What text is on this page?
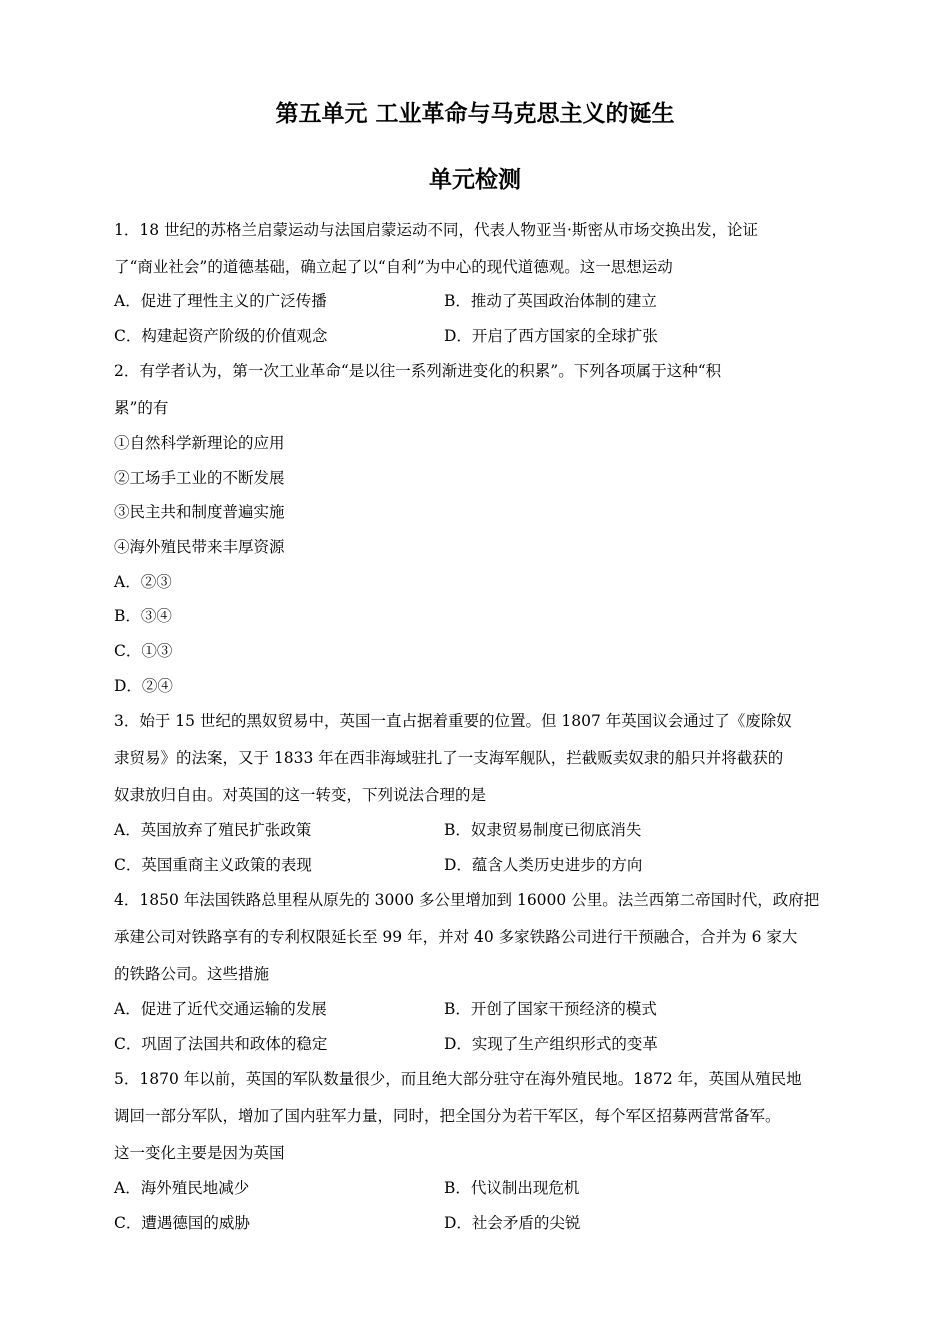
第五单元 工业革命与马克思主义的诞生
单元检测
1．18 世纪的苏格兰启蒙运动与法国启蒙运动不同，代表人物亚当·斯密从市场交换出发，论证
了“商业社会”的道德基础，确立起了以“自利”为中心的现代道德观。这一思想运动
A．促进了理性主义的广泛传播	B．推动了英国政治体制的建立
C．构建起资产阶级的价值观念	D．开启了西方国家的全球扩张
2．有学者认为，第一次工业革命“是以往一系列渐进变化的积累”。下列各项属于这种“积
累”的有
①自然科学新理论的应用
②工场手工业的不断发展
③民主共和制度普遍实施
④海外殖民带来丰厚资源
A．②③
B．③④
C．①③
D．②④
3．始于 15 世纪的黑奴贸易中，英国一直占据着重要的位置。但 1807 年英国议会通过了《废除奴
隶贸易》的法案，又于 1833 年在西非海域驻扎了一支海军舰队，拦截贩卖奴隶的船只并将截获的
奴隶放归自由。对英国的这一转变，下列说法合理的是
A．英国放弃了殖民扩张政策	B．奴隶贸易制度已彻底消失
C．英国重商主义政策的表现	D．蕴含人类历史进步的方向
4．1850 年法国铁路总里程从原先的 3000 多公里增加到 16000 公里。法兰西第二帝国时代，政府把
承建公司对铁路享有的专利权限延长至 99 年，并对 40 多家铁路公司进行干预融合，合并为 6 家大
的铁路公司。这些措施
A．促进了近代交通运输的发展	B．开创了国家干预经济的模式
C．巩固了法国共和政体的稳定	D．实现了生产组织形式的变革
5．1870 年以前，英国的军队数量很少，而且绝大部分驻守在海外殖民地。1872 年，英国从殖民地
调回一部分军队，增加了国内驻军力量，同时，把全国分为若干军区，每个军区招募两营常备军。
这一变化主要是因为英国
A．海外殖民地减少	B．代议制出现危机
C．遭遇德国的威胁	D．社会矛盾的尖锐
